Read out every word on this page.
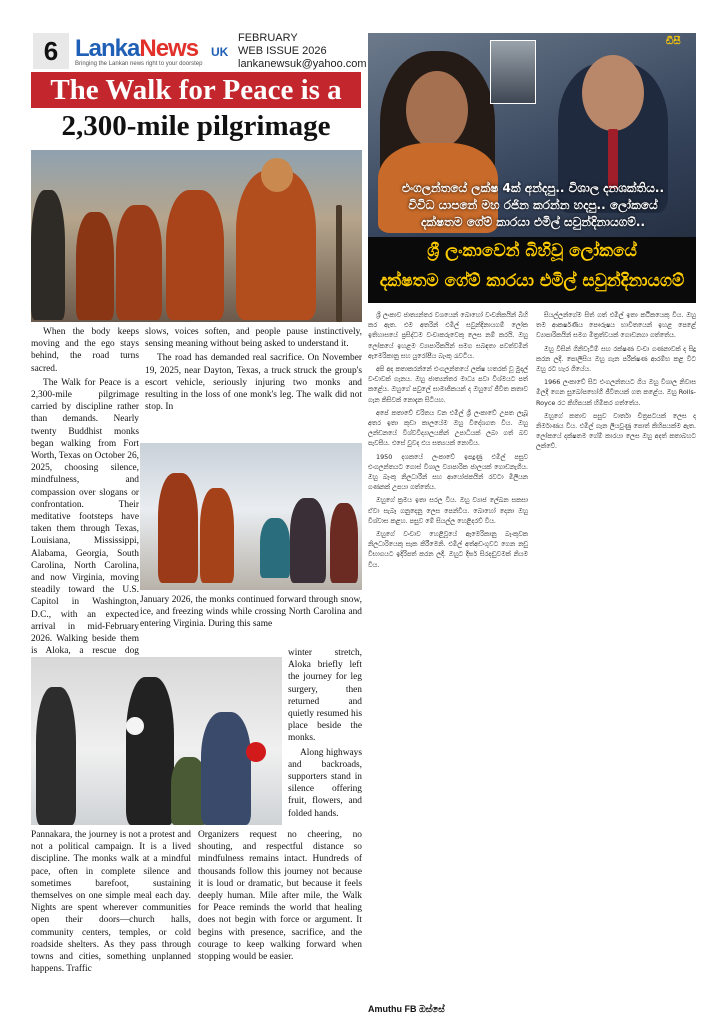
6 LankaNews UK
Bringing the Lankan news right to your doorstep
FEBRUARY
WEB ISSUE 2026
lankanewsuk@yahoo.com
The Walk for Peace is a
2,300-mile pilgrimage

When the body keeps moving and the ego stays behind, the road turns sacred.

The Walk for Peace is a 2,300-mile pilgrimage carried by discipline rather than demands. Nearly twenty Buddhist monks began walking from Fort Worth, Texas on October 26, 2025, choosing silence, mindfulness, and compassion over slogans or confrontation. Their meditative footsteps have taken them through Texas, Louisiana, Mississippi, Alabama, Georgia, South Carolina, North Carolina, and now Virginia, moving steadily toward the U.S. Capitol in Washington, D.C., with an expected arrival in mid-February 2026. Walking beside them is Aloka, a rescue dog

slows, voices soften, and people pause instinctively, sensing meaning without being asked to understand it.

The road has demanded real sacrifice. On November 19, 2025, near Dayton, Texas, a truck struck the group's escort vehicle, seriously injuring two monks and resulting in the loss of one monk's leg. The walk did not stop. In

January 2026, the monks continued forward through snow, ice, and freezing winds while crossing North Carolina and entering Virginia. During this same

winter stretch, Aloka briefly left the journey for leg surgery, then returned and quietly resumed his place beside the monks.

Along highways and backroads, supporters stand in silence offering fruit, flowers, and folded hands.

Pannakara, the journey is not a protest and not a political campaign. It is a lived discipline. The monks walk at a mindful pace, often in complete silence and sometimes barefoot, sustaining themselves on one simple meal each day. Nights are spent wherever communities open their doors—church halls, community centers, temples, or cold roadside shelters. As they pass through towns and cities, something unplanned happens. Traffic

Organizers request no cheering, no shouting, and respectful distance so mindfulness remains intact. Hundreds of thousands follow this journey not because it is loud or dramatic, but because it feels deeply human. Mile after mile, the Walk for Peace reminds the world that healing does not begin with force or argument. It begins with presence, sacrifice, and the courage to keep walking forward when stopping would be easier.

ඩීසී
එංගලන්තයේ ලක්ෂ 4ක් අන්දපු.. විශාල දනශක්තිය..
විවිධ යාපනේ මහ රජින කරන්න හදපු.. ලෝකයේ
දක්ෂතම ගේම් කාරයා එමිල් සවුන්දිනායගම්..
ශ්‍රී ලංකාවෙන් බිහිවූ ලෝකයේ
දක්ෂතම ගේම් කාරයා එමිල් සවුන්දිනායගම්

ශ්‍රී ලංකාව ජාත්‍යන්තර වශයෙන් බොහෝ වංචනිකයින් බිහි කර ඇත. එම අතරින් එමිල් සවුන්දිනායගම් ලෝක ඉතිහාසයේ ප්‍රසිද්ධම වංචාකරුවෙකු ලෙස නම් කරයි. ඔහු ලෝකයේ ඉහළම ව්‍යාපාරිකයින් සමග සබඳතා පවත්වමින් ඇමෙරිකානු සහ යුරෝපීය බැංකු රැවටීය.

අපි අද කතාකරන්නේ එංගලන්තයේ ලක්ෂ හතරක් වූ මුදල් වංචාවක් ගැනය. ඔහු ජාත්‍යන්තර මාධ්‍ය පවා විශ්මයට පත් කළේය. ඔහුගේ පවුලේ සාමාජිකයන් ද ඔහුගේ ජීවිත කතාව ගැන කිසිවක් නොදැන සිටියහ.

අපේ කතාවේ චරිතය වන එමිල් ශ්‍රී ලංකාවේ උපත ලැබූ අතර ඉතා කුඩා කාලයේම ඔහු විදේශගත විය. ඔහු ලන්ඩනයේ විශ්වවිද්‍යාලයකින් උපාධියක් ලබා ගත් බව පැවසීය. එසේ වුවද එය සත්‍යයක් නොවීය.

1950 දශකයේ ලංකාවේ ඉපදුණු එමිල් පසුව එංගලන්තයට ගොස් විශාල ව්‍යාපාරික ජාලයක් ගොඩනැගීය. ඔහු බැංකු නිලධාරීන් සහ ආයෝජකයින් රවටා මිලියන ගණනක් උපයා ගත්තේය.

ඔහුගේ ක්‍රමය ඉතා සරල විය. ඔහු ව්‍යාජ ලේඛන සකසා ඒවා සැබෑ ගනුදෙනු ලෙස පෙන්වීය. බොහෝ දෙනා ඔහු විශ්වාස කළහ. පසුව මේ සියල්ල හෙළිදරව් විය.

ඔහුගේ වංචාව හෙළිවූයේ ඇමෙරිකානු බැංකුවක නිලධාරියෙකු සැක කිරීමෙනි. එමිල් අත්අඩංගුවට ගෙන නඩු විභාගයට ඉදිරිපත් කරන ලදී. ඔහුට දීර්ඝ සිරදඬුවමක් නියම විය.

සියල්ලන්ගේම සිත් ගත් එමිල් ඉතා කථිකයෙකු විය. ඔහු තම ආකර්ෂණීය පෞරුෂය භාවිතයෙන් ඉහළ පෙළේ ව්‍යාපාරිකයින් සමග මිත්‍රත්වයක් ගොඩනගා ගත්තේය.

ඔහු විසින් ගිනිවැටීම් සහ රක්ෂණ වංචා ගණනාවක් ද සිදු කරන ලදී. පොලිසිය ඔහු ගැන පරීක්ෂණ ආරම්භ කළ විට ඔහු රට හැර ගියේය.

1966 ලංකාවේ සිට එංගලන්තයට ගිය ඔහු විශාල නිවාස මිලදී ගෙන සුඛෝපභෝගී ජීවිතයක් ගත කළේය. ඔහු Rolls-Royce රථ කිහිපයක් හිමිකර ගත්තේය.

ඔහුගේ කතාව පසුව වාර්තා චිත්‍රපටයක් ලෙස ද නිර්මාණය විය. එමිල් ගැන ලියවුණු පොත් කිහිපයක්ම ඇත. ලෝකයේ දක්ෂතම ගේම් කාරයා ලෙස ඔහු අදත් කතාබහට ලක්වේ.

Amuthu FB ඔස්සේ
